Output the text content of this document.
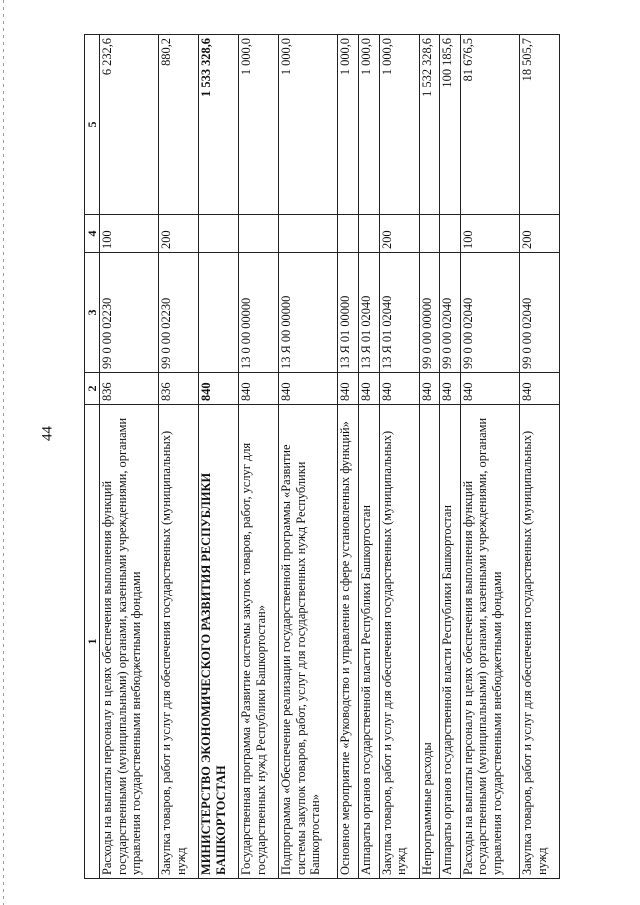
44
1	2	3	4	5
Расходы на выплаты персоналу в целях обеспечения выполнения функций государственными (муниципальными) органами, казенными учреждениями, органами управления государственными внебюджетными фондами	836	99 0 00 02230	100	6 232,6
Закупка товаров, работ и услуг для обеспечения государственных (муниципальных) нужд	836	99 0 00 02230	200	880,2
МИНИСТЕРСТВО ЭКОНОМИЧЕСКОГО РАЗВИТИЯ РЕСПУБЛИКИ БАШКОРТОСТАН	840			1 533 328,6
Государственная программа «Развитие системы закупок товаров, работ, услуг для государственных нужд Республики Башкортостан»	840	13 0 00 00000		1 000,0
Подпрограмма «Обеспечение реализации государственной программы «Развитие системы закупок товаров, работ, услуг для государственных нужд Республики Башкортостан»	840	13 Я 00 00000		1 000,0
Основное мероприятие «Руководство и управление в сфере установленных функций»	840	13 Я 01 00000		1 000,0
Аппараты органов государственной власти Республики Башкортостан	840	13 Я 01 02040		1 000,0
Закупка товаров, работ и услуг для обеспечения государственных (муниципальных) нужд	840	13 Я 01 02040	200	1 000,0
Непрограммные расходы	840	99 0 00 00000		1 532 328,6
Аппараты органов государственной власти Республики Башкортостан	840	99 0 00 02040		100 185,6
Расходы на выплаты персоналу в целях обеспечения выполнения функций государственными (муниципальными) органами, казенными учреждениями, органами управления государственными внебюджетными фондами	840	99 0 00 02040	100	81 676,5
Закупка товаров, работ и услуг для обеспечения государственных (муниципальных) нужд	840	99 0 00 02040	200	18 505,7
